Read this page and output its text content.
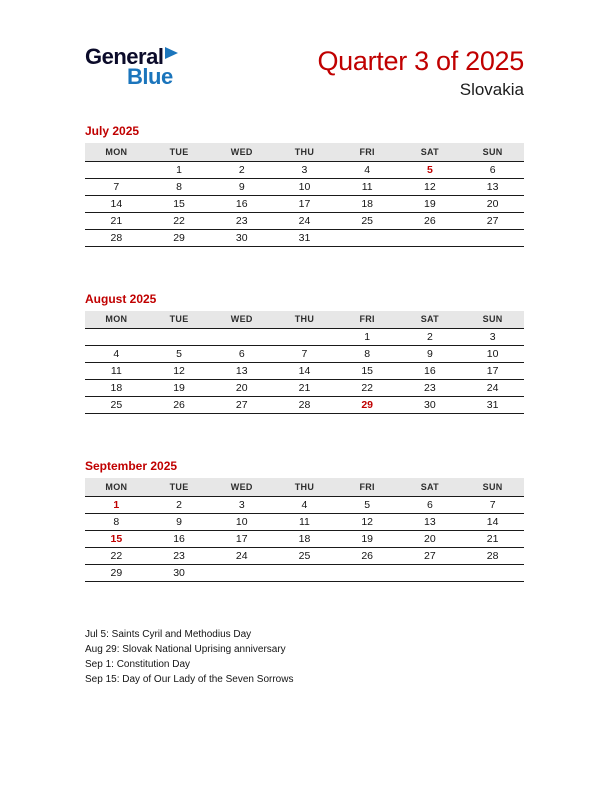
General
Blue
Quarter 3 of 2025
Slovakia
July 2025
MON	TUE	WED	THU	FRI	SAT	SUN
	1	2	3	4	5	6
7	8	9	10	11	12	13
14	15	16	17	18	19	20
21	22	23	24	25	26	27
28	29	30	31			
August 2025
MON	TUE	WED	THU	FRI	SAT	SUN
				1	2	3
4	5	6	7	8	9	10
11	12	13	14	15	16	17
18	19	20	21	22	23	24
25	26	27	28	29	30	31
September 2025
MON	TUE	WED	THU	FRI	SAT	SUN
1	2	3	4	5	6	7
8	9	10	11	12	13	14
15	16	17	18	19	20	21
22	23	24	25	26	27	28
29	30					
Jul 5: Saints Cyril and Methodius Day
Aug 29: Slovak National Uprising anniversary
Sep 1: Constitution Day
Sep 15: Day of Our Lady of the Seven Sorrows
